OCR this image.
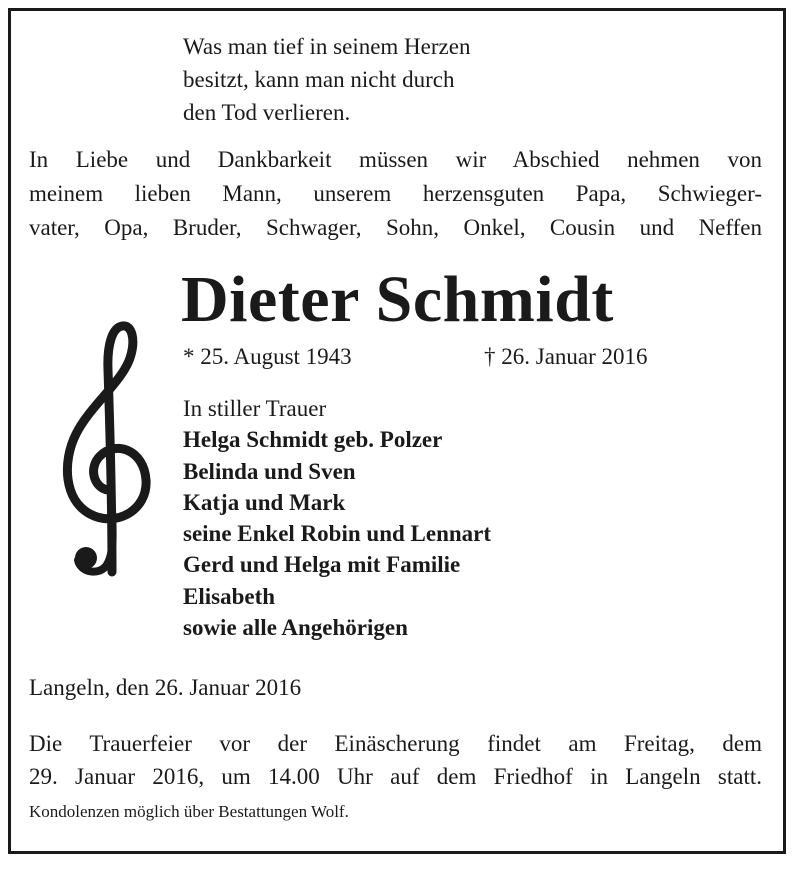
Was man tief in seinem Herzen
besitzt, kann man nicht durch
den Tod verlieren.
In Liebe und Dankbarkeit müssen wir Abschied nehmen von
meinem lieben Mann, unserem herzensguten Papa, Schwieger-
vater, Opa, Bruder, Schwager, Sohn, Onkel, Cousin und Neffen
Dieter Schmidt
* 25. August 1943	† 26. Januar 2016
In stiller Trauer
Helga Schmidt geb. Polzer
Belinda und Sven
Katja und Mark
seine Enkel Robin und Lennart
Gerd und Helga mit Familie
Elisabeth
sowie alle Angehörigen
Langeln, den 26. Januar 2016
Die Trauerfeier vor der Einäscherung findet am Freitag, dem
29. Januar 2016, um 14.00 Uhr auf dem Friedhof in Langeln statt.
Kondolenzen möglich über Bestattungen Wolf.
